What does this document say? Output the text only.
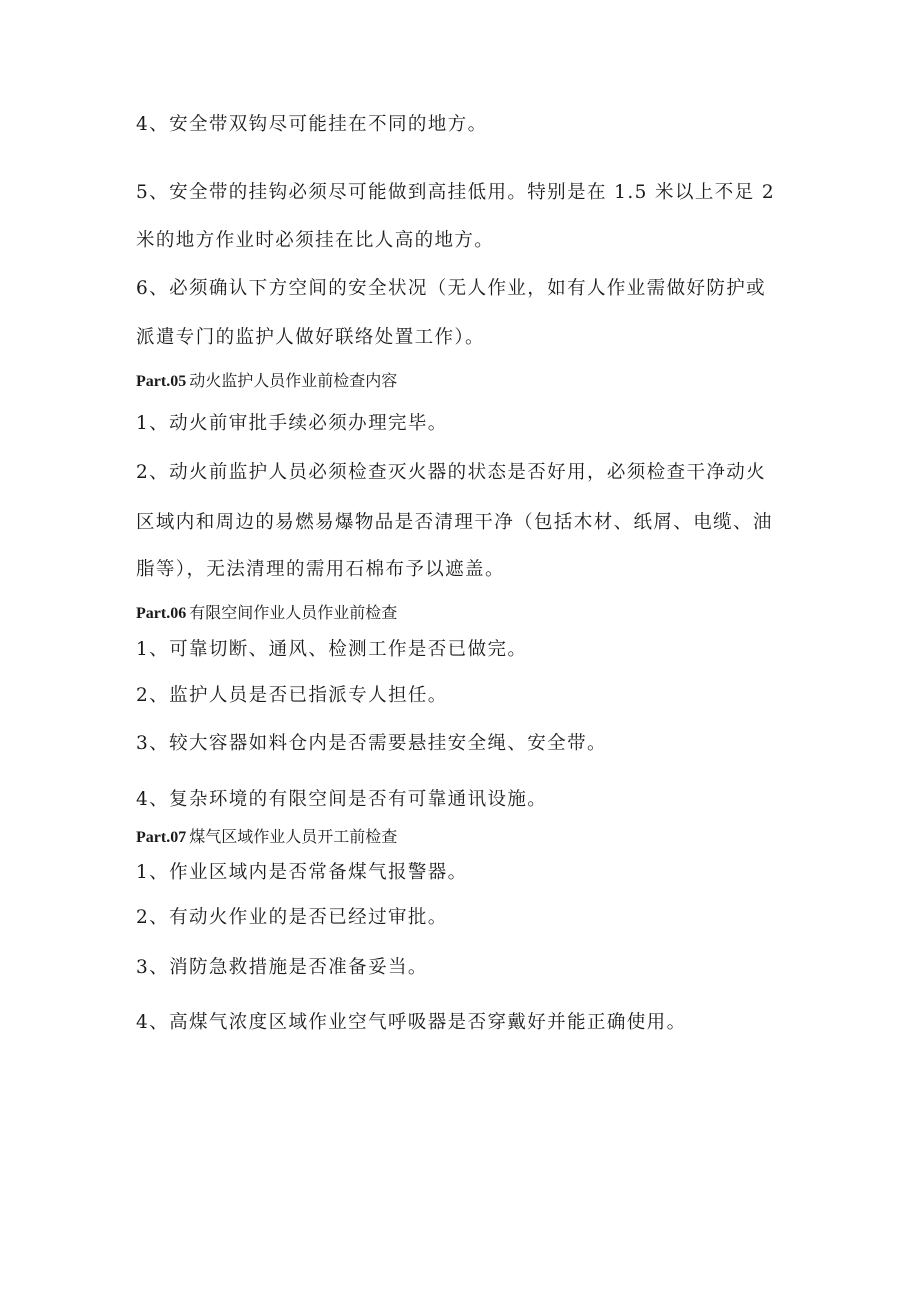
4、安全带双钩尽可能挂在不同的地方。
5、安全带的挂钩必须尽可能做到高挂低用。特别是在 1.5 米以上不足 2
米的地方作业时必须挂在比人高的地方。
6、必须确认下方空间的安全状况（无人作业，如有人作业需做好防护或
派遣专门的监护人做好联络处置工作）。
Part.05 动火监护人员作业前检查内容
1、动火前审批手续必须办理完毕。
2、动火前监护人员必须检查灭火器的状态是否好用，必须检查干净动火
区域内和周边的易燃易爆物品是否清理干净（包括木材、纸屑、电缆、油
脂等），无法清理的需用石棉布予以遮盖。
Part.06 有限空间作业人员作业前检查
1、可靠切断、通风、检测工作是否已做完。
2、监护人员是否已指派专人担任。
3、较大容器如料仓内是否需要悬挂安全绳、安全带。
4、复杂环境的有限空间是否有可靠通讯设施。
Part.07 煤气区域作业人员开工前检查
1、作业区域内是否常备煤气报警器。
2、有动火作业的是否已经过审批。
3、消防急救措施是否准备妥当。
4、高煤气浓度区域作业空气呼吸器是否穿戴好并能正确使用。
